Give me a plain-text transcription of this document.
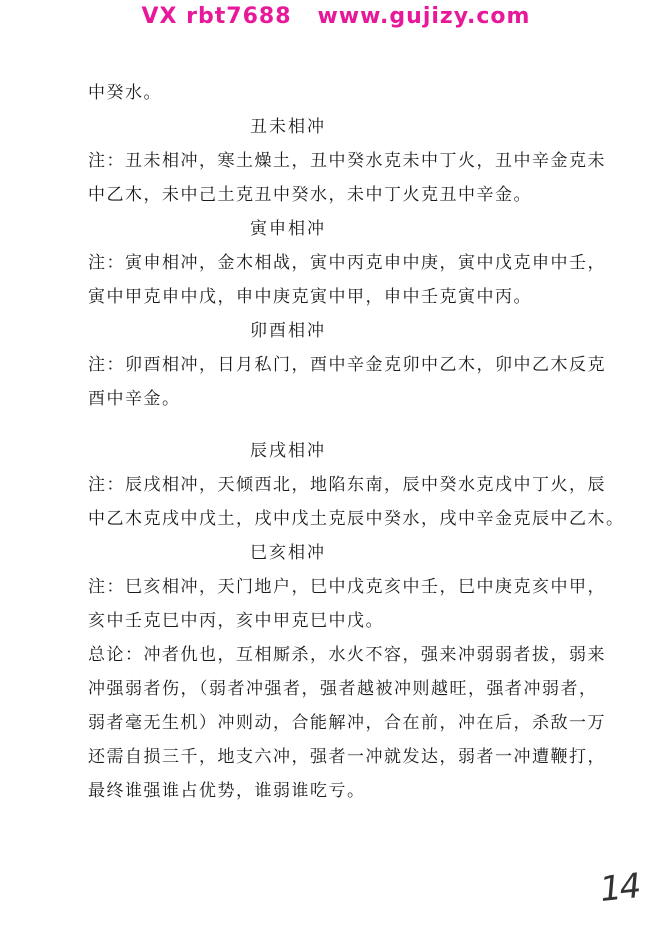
VX rbt7688   www.gujizy.com
中癸水。
丑未相冲
注：丑未相冲，寒土燥土，丑中癸水克未中丁火，丑中辛金克未
中乙木，未中己土克丑中癸水，未中丁火克丑中辛金。
寅申相冲
注：寅申相冲，金木相战，寅中丙克申中庚，寅中戊克申中壬，
寅中甲克申中戊，申中庚克寅中甲，申中壬克寅中丙。
卯酉相冲
注：卯酉相冲，日月私门，酉中辛金克卯中乙木，卯中乙木反克
酉中辛金。
辰戌相冲
注：辰戌相冲，天倾西北，地陷东南，辰中癸水克戌中丁火，辰
中乙木克戌中戊土，戌中戊土克辰中癸水，戌中辛金克辰中乙木。
巳亥相冲
注：巳亥相冲，天门地户，巳中戊克亥中壬，巳中庚克亥中甲，
亥中壬克巳中丙，亥中甲克巳中戊。
总论：冲者仇也，互相厮杀，水火不容，强来冲弱弱者拔，弱来
冲强弱者伤，（弱者冲强者，强者越被冲则越旺，强者冲弱者，
弱者毫无生机）冲则动，合能解冲，合在前，冲在后，杀敌一万
还需自损三千，地支六冲，强者一冲就发达，弱者一冲遭鞭打，
最终谁强谁占优势，谁弱谁吃亏。
14
